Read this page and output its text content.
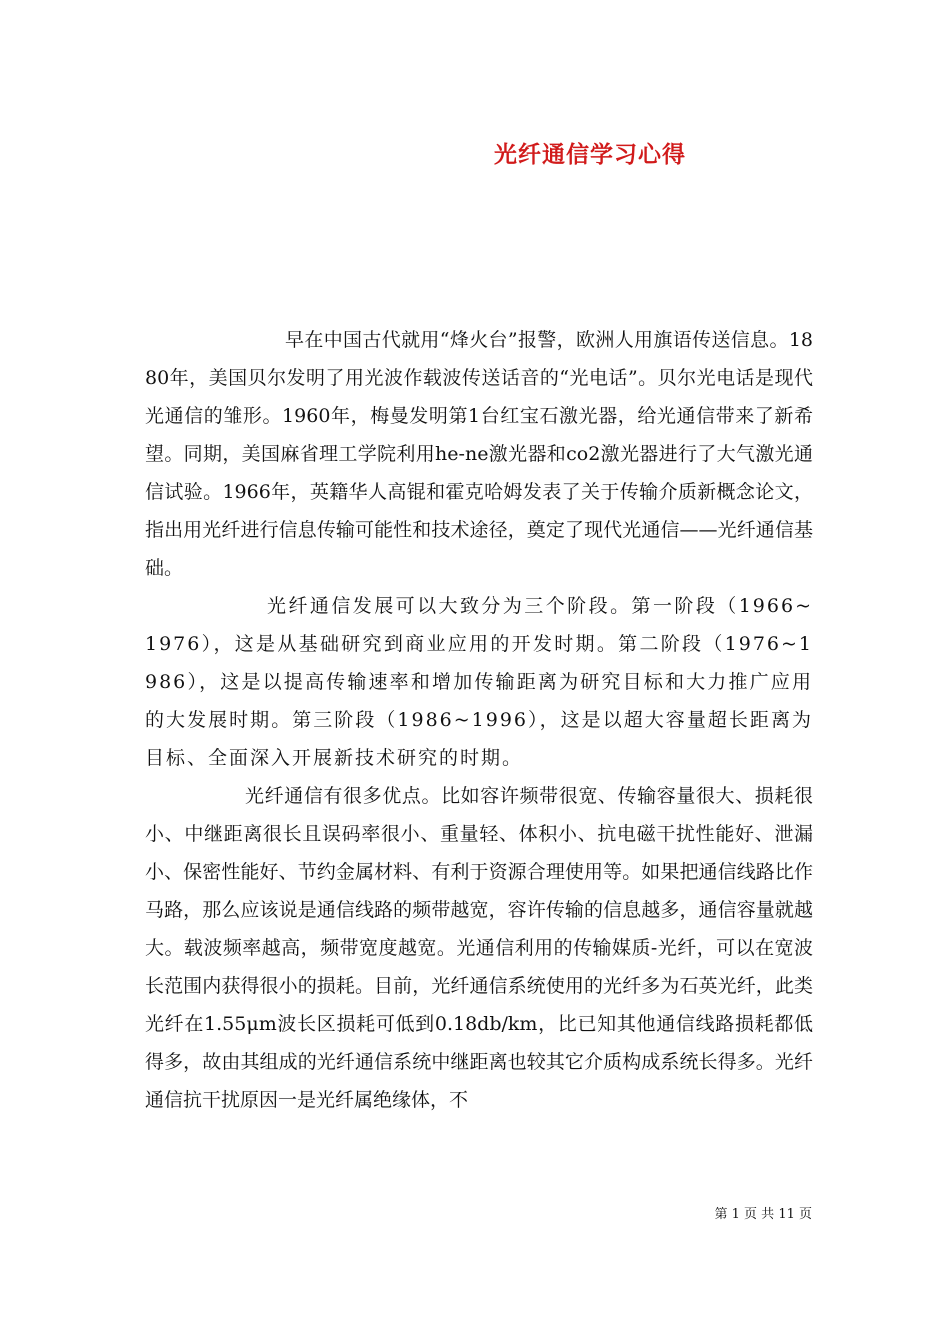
光纤通信学习心得

早在中国古代就用“烽火台”报警，欧洲人用旗语传送信息。1880年，美国贝尔发明了用光波作载波传送话音的“光电话”。贝尔光电话是现代光通信的雏形。1960年，梅曼发明第1台红宝石激光器，给光通信带来了新希望。同期，美国麻省理工学院利用he-ne激光器和co2激光器进行了大气激光通信试验。1966年，英籍华人高锟和霍克哈姆发表了关于传输介质新概念论文，指出用光纤进行信息传输可能性和技术途径，奠定了现代光通信——光纤通信基础。

光纤通信发展可以大致分为三个阶段。第一阶段（1966~1976），这是从基础研究到商业应用的开发时期。第二阶段（1976~1986），这是以提高传输速率和增加传输距离为研究目标和大力推广应用的大发展时期。第三阶段（1986~1996），这是以超大容量超长距离为目标、全面深入开展新技术研究的时期。

光纤通信有很多优点。比如容许频带很宽、传输容量很大、损耗很小、中继距离很长且误码率很小、重量轻、体积小、抗电磁干扰性能好、泄漏小、保密性能好、节约金属材料、有利于资源合理使用等。如果把通信线路比作马路，那么应该说是通信线路的频带越宽，容许传输的信息越多，通信容量就越大。载波频率越高，频带宽度越宽。光通信利用的传输媒质-光纤，可以在宽波长范围内获得很小的损耗。目前，光纤通信系统使用的光纤多为石英光纤，此类光纤在1.55μm波长区损耗可低到0.18db/km，比已知其他通信线路损耗都低得多，故由其组成的光纤通信系统中继距离也较其它介质构成系统长得多。光纤通信抗干扰原因一是光纤属绝缘体，不

第 1 页 共 11 页
